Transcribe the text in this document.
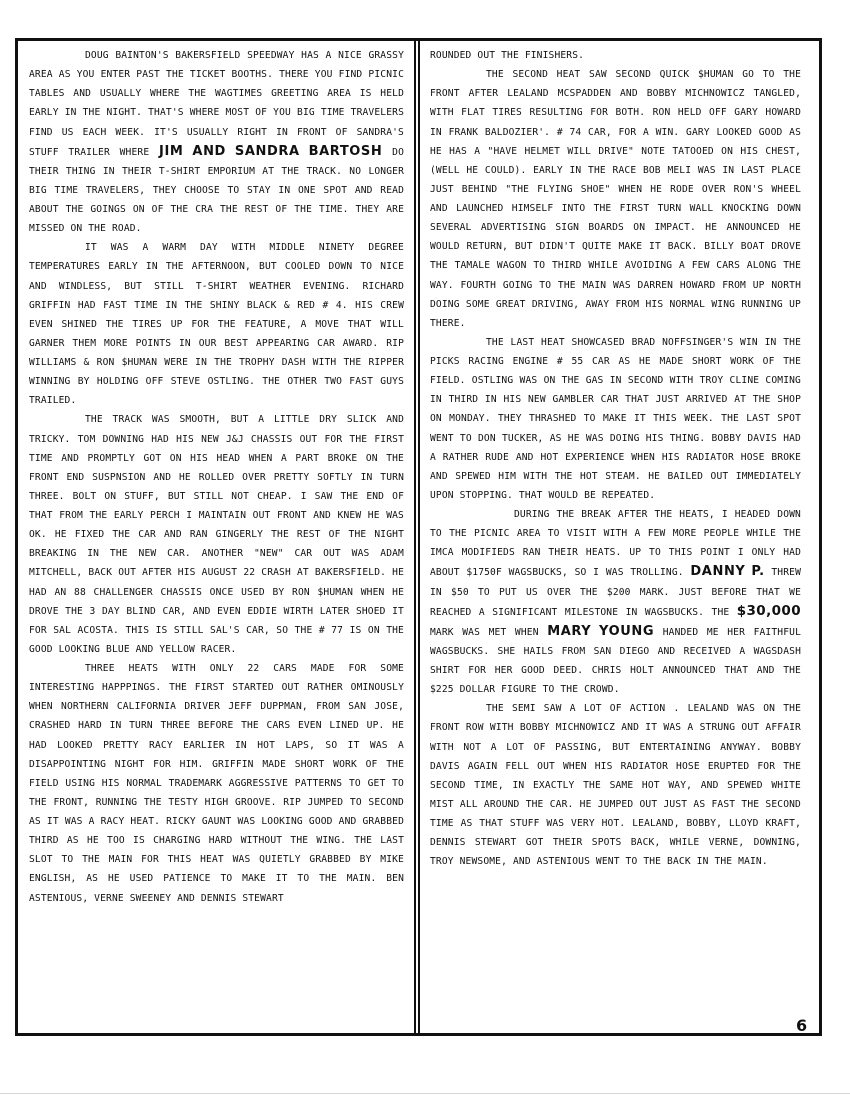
DOUG BAINTON'S BAKERSFIELD SPEEDWAY HAS A NICE GRASSY AREA AS YOU ENTER PAST THE TICKET BOOTHS. THERE YOU FIND PICNIC TABLES AND USUALLY WHERE THE WAGTIMES GREETING AREA IS HELD EARLY IN THE NIGHT. THAT'S WHERE MOST OF YOU BIG TIME TRAVELERS FIND US EACH WEEK. IT'S USUALLY RIGHT IN FRONT OF SANDRA'S STUFF TRAILER WHERE JIM AND SANDRA BARTOSH DO THEIR THING IN THEIR T-SHIRT EMPORIUM AT THE TRACK. NO LONGER BIG TIME TRAVELERS, THEY CHOOSE TO STAY IN ONE SPOT AND READ ABOUT THE GOINGS ON OF THE CRA THE REST OF THE TIME. THEY ARE MISSED ON THE ROAD.

IT WAS A WARM DAY WITH MIDDLE NINETY DEGREE TEMPERATURES EARLY IN THE AFTERNOON, BUT COOLED DOWN TO NICE AND WINDLESS, BUT STILL T-SHIRT WEATHER EVENING. RICHARD GRIFFIN HAD FAST TIME IN THE SHINY BLACK & RED # 4. HIS CREW EVEN SHINED THE TIRES UP FOR THE FEATURE, A MOVE THAT WILL GARNER THEM MORE POINTS IN OUR BEST APPEARING CAR AWARD. RIP WILLIAMS & RON $HUMAN WERE IN THE TROPHY DASH WITH THE RIPPER WINNING BY HOLDING OFF STEVE OSTLING. THE OTHER TWO FAST GUYS TRAILED.

THE TRACK WAS SMOOTH, BUT A LITTLE DRY SLICK AND TRICKY. TOM DOWNING HAD HIS NEW J&J CHASSIS OUT FOR THE FIRST TIME AND PROMPTLY GOT ON HIS HEAD WHEN A PART BROKE ON THE FRONT END SUSPNSION AND HE ROLLED OVER PRETTY SOFTLY IN TURN THREE. BOLT ON STUFF, BUT STILL NOT CHEAP. I SAW THE END OF THAT FROM THE EARLY PERCH I MAINTAIN OUT FRONT AND KNEW HE WAS OK. HE FIXED THE CAR AND RAN GINGERLY THE REST OF THE NIGHT BREAKING IN THE NEW CAR. ANOTHER "NEW" CAR OUT WAS ADAM MITCHELL, BACK OUT AFTER HIS AUGUST 22 CRASH AT BAKERSFIELD. HE HAD AN 88 CHALLENGER CHASSIS ONCE USED BY RON $HUMAN WHEN HE DROVE THE 3 DAY BLIND CAR, AND EVEN EDDIE WIRTH LATER SHOED IT FOR SAL ACOSTA. THIS IS STILL SAL'S CAR, SO THE # 77 IS ON THE GOOD LOOKING BLUE AND YELLOW RACER.

THREE HEATS WITH ONLY 22 CARS MADE FOR SOME INTERESTING HAPPPINGS. THE FIRST STARTED OUT RATHER OMINOUSLY WHEN NORTHERN CALIFORNIA DRIVER JEFF DUPPMAN, FROM SAN JOSE, CRASHED HARD IN TURN THREE BEFORE THE CARS EVEN LINED UP. HE HAD LOOKED PRETTY RACY EARLIER IN HOT LAPS, SO IT WAS A DISAPPOINTING NIGHT FOR HIM. GRIFFIN MADE SHORT WORK OF THE FIELD USING HIS NORMAL TRADEMARK AGGRESSIVE PATTERNS TO GET TO THE FRONT, RUNNING THE TESTY HIGH GROOVE. RIP JUMPED TO SECOND AS IT WAS A RACY HEAT. RICKY GAUNT WAS LOOKING GOOD AND GRABBED THIRD AS HE TOO IS CHARGING HARD WITHOUT THE WING. THE LAST SLOT TO THE MAIN FOR THIS HEAT WAS QUIETLY GRABBED BY MIKE ENGLISH, AS HE USED PATIENCE TO MAKE IT TO THE MAIN. BEN ASTENIOUS, VERNE SWEENEY AND DENNIS STEWART

ROUNDED OUT THE FINISHERS.

THE SECOND HEAT SAW SECOND QUICK $HUMAN GO TO THE FRONT AFTER LEALAND MCSPADDEN AND BOBBY MICHNOWICZ TANGLED, WITH FLAT TIRES RESULTING FOR BOTH. RON HELD OFF GARY HOWARD IN FRANK BALDOZIER'. # 74 CAR, FOR A WIN. GARY LOOKED GOOD AS HE HAS A "HAVE HELMET WILL DRIVE" NOTE TATOOED ON HIS CHEST, (WELL HE COULD). EARLY IN THE RACE BOB MELI WAS IN LAST PLACE JUST BEHIND "THE FLYING SHOE" WHEN HE RODE OVER RON'S WHEEL AND LAUNCHED HIMSELF INTO THE FIRST TURN WALL KNOCKING DOWN SEVERAL ADVERTISING SIGN BOARDS ON IMPACT. HE ANNOUNCED HE WOULD RETURN, BUT DIDN'T QUITE MAKE IT BACK. BILLY BOAT DROVE THE TAMALE WAGON TO THIRD WHILE AVOIDING A FEW CARS ALONG THE WAY. FOURTH GOING TO THE MAIN WAS DARREN HOWARD FROM UP NORTH DOING SOME GREAT DRIVING, AWAY FROM HIS NORMAL WING RUNNING UP THERE.

THE LAST HEAT SHOWCASED BRAD NOFFSINGER'S WIN IN THE PICKS RACING ENGINE # 55 CAR AS HE MADE SHORT WORK OF THE FIELD. OSTLING WAS ON THE GAS IN SECOND WITH TROY CLINE COMING IN THIRD IN HIS NEW GAMBLER CAR THAT JUST ARRIVED AT THE SHOP ON MONDAY. THEY THRASHED TO MAKE IT THIS WEEK. THE LAST SPOT WENT TO DON TUCKER, AS HE WAS DOING HIS THING. BOBBY DAVIS HAD A RATHER RUDE AND HOT EXPERIENCE WHEN HIS RADIATOR HOSE BROKE AND SPEWED HIM WITH THE HOT STEAM. HE BAILED OUT IMMEDIATELY UPON STOPPING. THAT WOULD BE REPEATED.

DURING THE BREAK AFTER THE HEATS, I HEADED DOWN TO THE PICNIC AREA TO VISIT WITH A FEW MORE PEOPLE WHILE THE IMCA MODIFIEDS RAN THEIR HEATS. UP TO THIS POINT I ONLY HAD ABOUT $1750F WAGSBUCKS, SO I WAS TROLLING. DANNY P. THREW IN $50 TO PUT US OVER THE $200 MARK. JUST BEFORE THAT WE REACHED A SIGNIFICANT MILESTONE IN WAGSBUCKS. THE $30,000 MARK WAS MET WHEN MARY YOUNG HANDED ME HER FAITHFUL WAGSBUCKS. SHE HAILS FROM SAN DIEGO AND RECEIVED A WAGSDASH SHIRT FOR HER GOOD DEED. CHRIS HOLT ANNOUNCED THAT AND THE $225 DOLLAR FIGURE TO THE CROWD.

THE SEMI SAW A LOT OF ACTION . LEALAND WAS ON THE FRONT ROW WITH BOBBY MICHNOWICZ AND IT WAS A STRUNG OUT AFFAIR WITH NOT A LOT OF PASSING, BUT ENTERTAINING ANYWAY. BOBBY DAVIS AGAIN FELL OUT WHEN HIS RADIATOR HOSE ERUPTED FOR THE SECOND TIME, IN EXACTLY THE SAME HOT WAY, AND SPEWED WHITE MIST ALL AROUND THE CAR. HE JUMPED OUT JUST AS FAST THE SECOND TIME AS THAT STUFF WAS VERY HOT. LEALAND, BOBBY, LLOYD KRAFT, DENNIS STEWART GOT THEIR SPOTS BACK, WHILE VERNE, DOWNING, TROY NEWSOME, AND ASTENIOUS WENT TO THE BACK IN THE MAIN.

6
